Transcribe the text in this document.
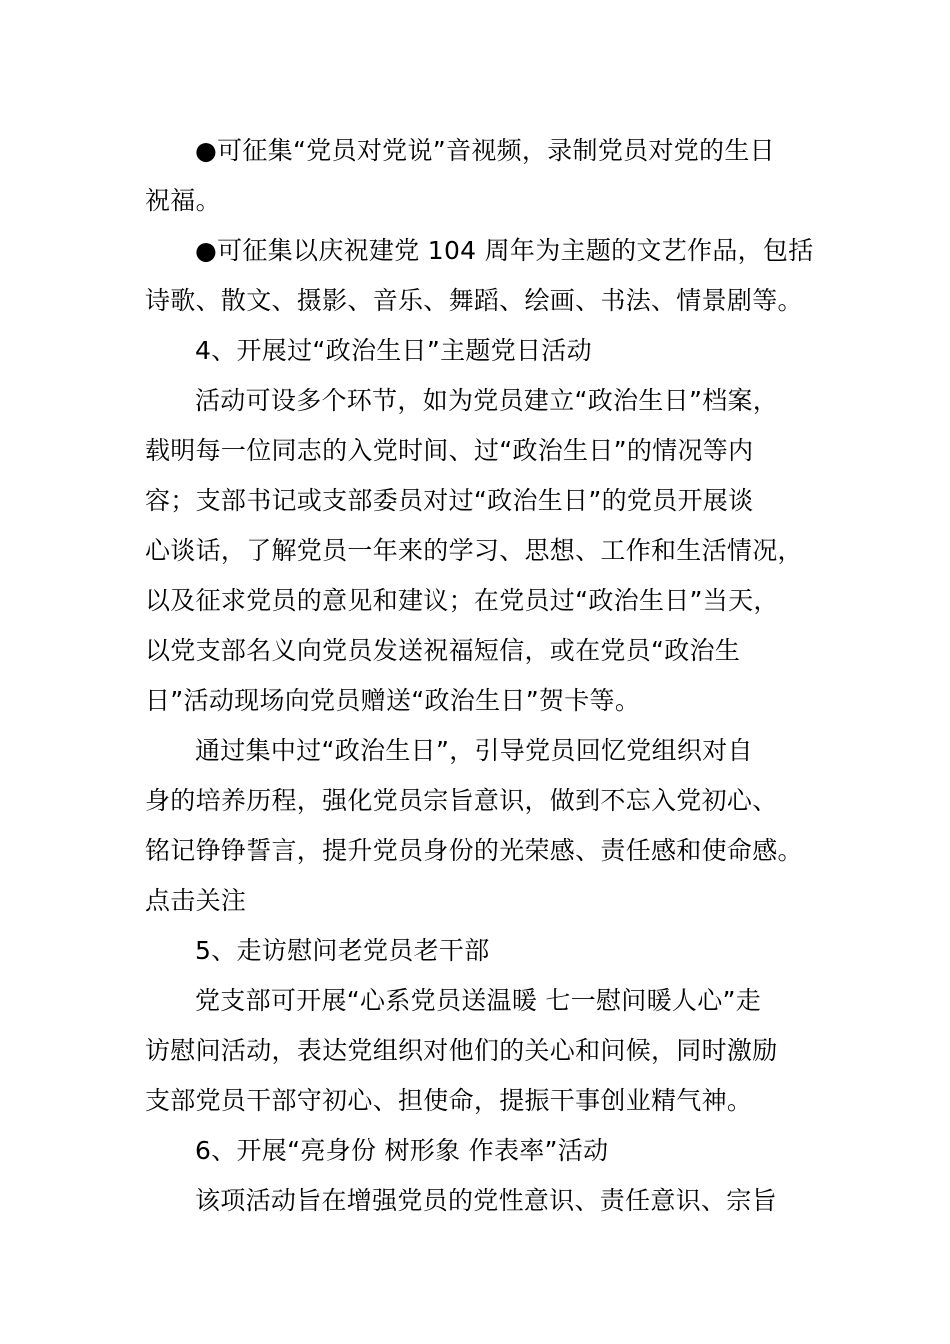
●可征集“党员对党说”音视频，录制党员对党的生日
祝福。
●可征集以庆祝建党 104 周年为主题的文艺作品，包括
诗歌、散文、摄影、音乐、舞蹈、绘画、书法、情景剧等。
4、开展过“政治生日”主题党日活动
活动可设多个环节，如为党员建立“政治生日”档案，
载明每一位同志的入党时间、过“政治生日”的情况等内
容；支部书记或支部委员对过“政治生日”的党员开展谈
心谈话，了解党员一年来的学习、思想、工作和生活情况，
以及征求党员的意见和建议；在党员过“政治生日”当天，
以党支部名义向党员发送祝福短信，或在党员“政治生
日”活动现场向党员赠送“政治生日”贺卡等。
通过集中过“政治生日”，引导党员回忆党组织对自
身的培养历程，强化党员宗旨意识，做到不忘入党初心、
铭记铮铮誓言，提升党员身份的光荣感、责任感和使命感。
点击关注
5、走访慰问老党员老干部
党支部可开展“心系党员送温暖 七一慰问暖人心”走
访慰问活动，表达党组织对他们的关心和问候，同时激励
支部党员干部守初心、担使命，提振干事创业精气神。
6、开展“亮身份 树形象 作表率”活动
该项活动旨在增强党员的党性意识、责任意识、宗旨
